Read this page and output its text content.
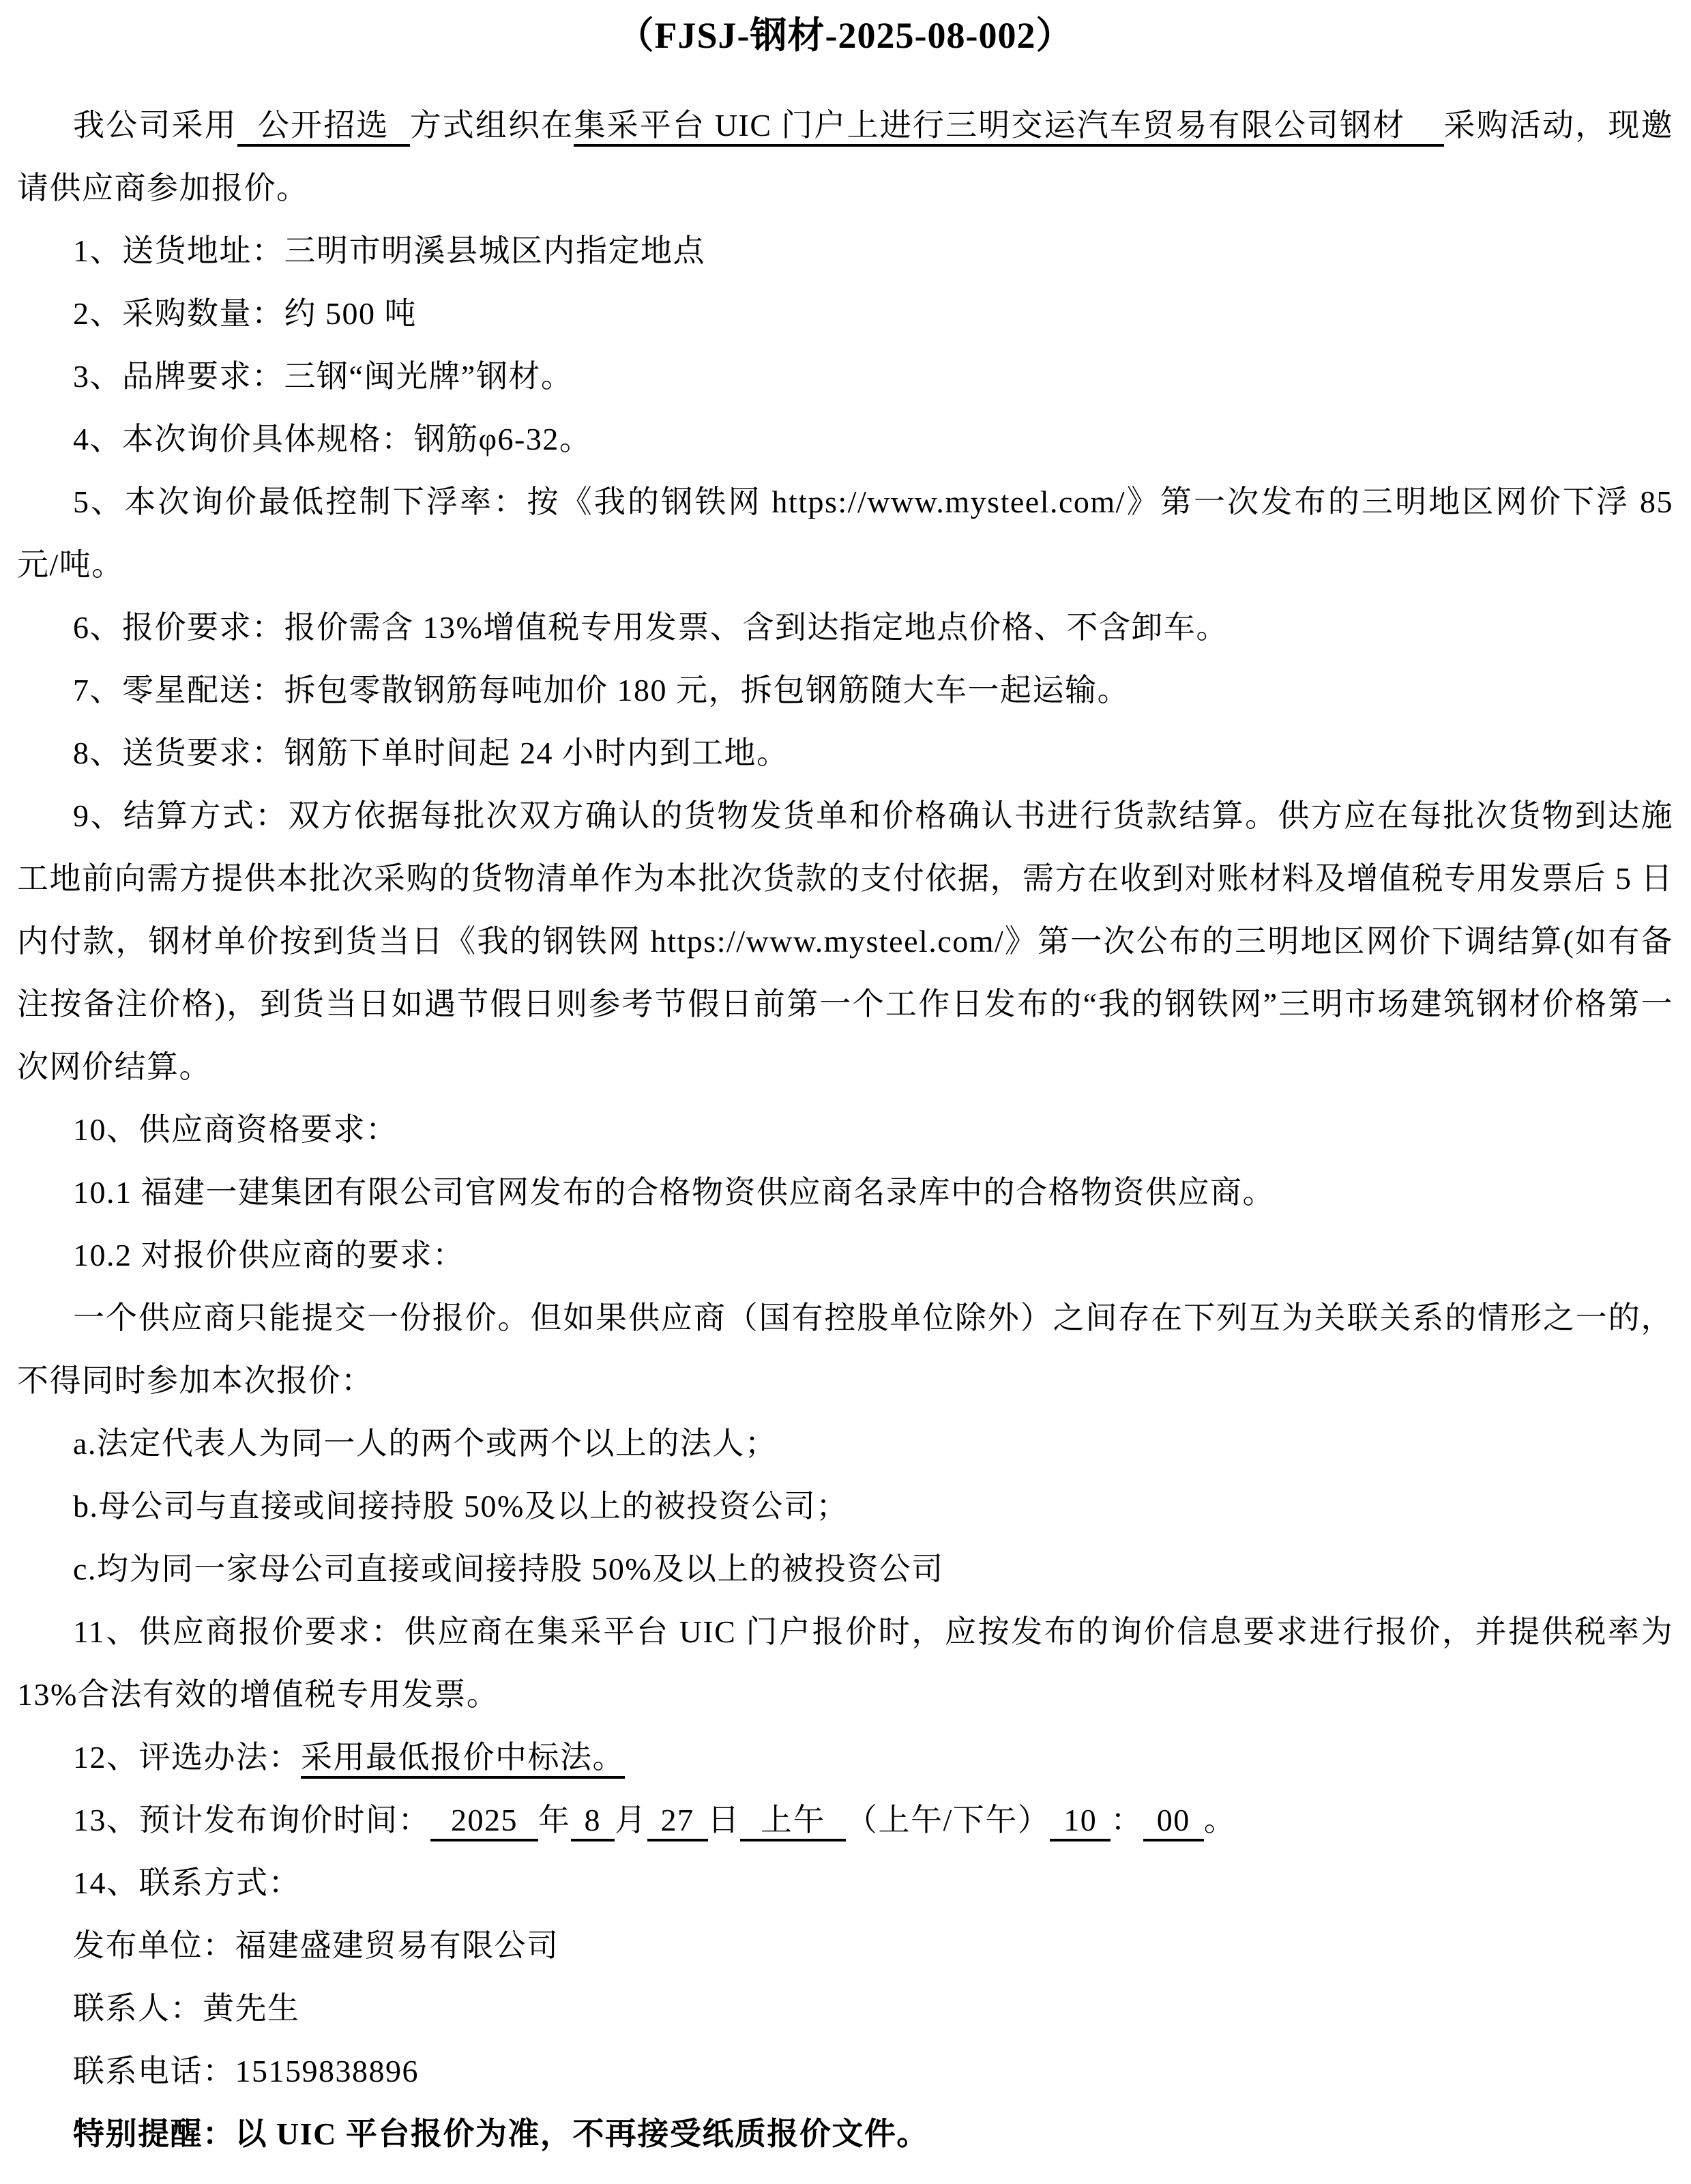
（FJSJ-钢材-2025-08-002）

我公司采用 公开招选 方式组织在集采平台 UIC 门户上进行三明交运汽车贸易有限公司钢材 采购活动，现邀请供应商参加报价。

1、送货地址：三明市明溪县城区内指定地点

2、采购数量：约 500 吨

3、品牌要求：三钢“闽光牌”钢材。

4、本次询价具体规格：钢筋φ6-32。

5、本次询价最低控制下浮率：按《我的钢铁网 https://www.mysteel.com/》第一次发布的三明地区网价下浮 85 元/吨。

6、报价要求：报价需含 13%增值税专用发票、含到达指定地点价格、不含卸车。

7、零星配送：拆包零散钢筋每吨加价 180 元，拆包钢筋随大车一起运输。

8、送货要求：钢筋下单时间起 24 小时内到工地。

9、结算方式：双方依据每批次双方确认的货物发货单和价格确认书进行货款结算。供方应在每批次货物到达施工地前向需方提供本批次采购的货物清单作为本批次货款的支付依据，需方在收到对账材料及增值税专用发票后 5 日内付款，钢材单价按到货当日《我的钢铁网 https://www.mysteel.com/》第一次公布的三明地区网价下调结算(如有备注按备注价格)，到货当日如遇节假日则参考节假日前第一个工作日发布的“我的钢铁网”三明市场建筑钢材价格第一次网价结算。

10、供应商资格要求：

10.1 福建一建集团有限公司官网发布的合格物资供应商名录库中的合格物资供应商。

10.2 对报价供应商的要求：

一个供应商只能提交一份报价。但如果供应商（国有控股单位除外）之间存在下列互为关联关系的情形之一的，不得同时参加本次报价：

a.法定代表人为同一人的两个或两个以上的法人；

b.母公司与直接或间接持股 50%及以上的被投资公司；

c.均为同一家母公司直接或间接持股 50%及以上的被投资公司

11、供应商报价要求：供应商在集采平台 UIC 门户报价时，应按发布的询价信息要求进行报价，并提供税率为 13%合法有效的增值税专用发票。

12、评选办法：采用最低报价中标法。

13、预计发布询价时间： 2025 年 8 月 27 日 上午 （上午/下午） 10 ： 00 。

14、联系方式：

发布单位：福建盛建贸易有限公司

联系人：黄先生

联系电话：15159838896

特别提醒：以 UIC 平台报价为准，不再接受纸质报价文件。
